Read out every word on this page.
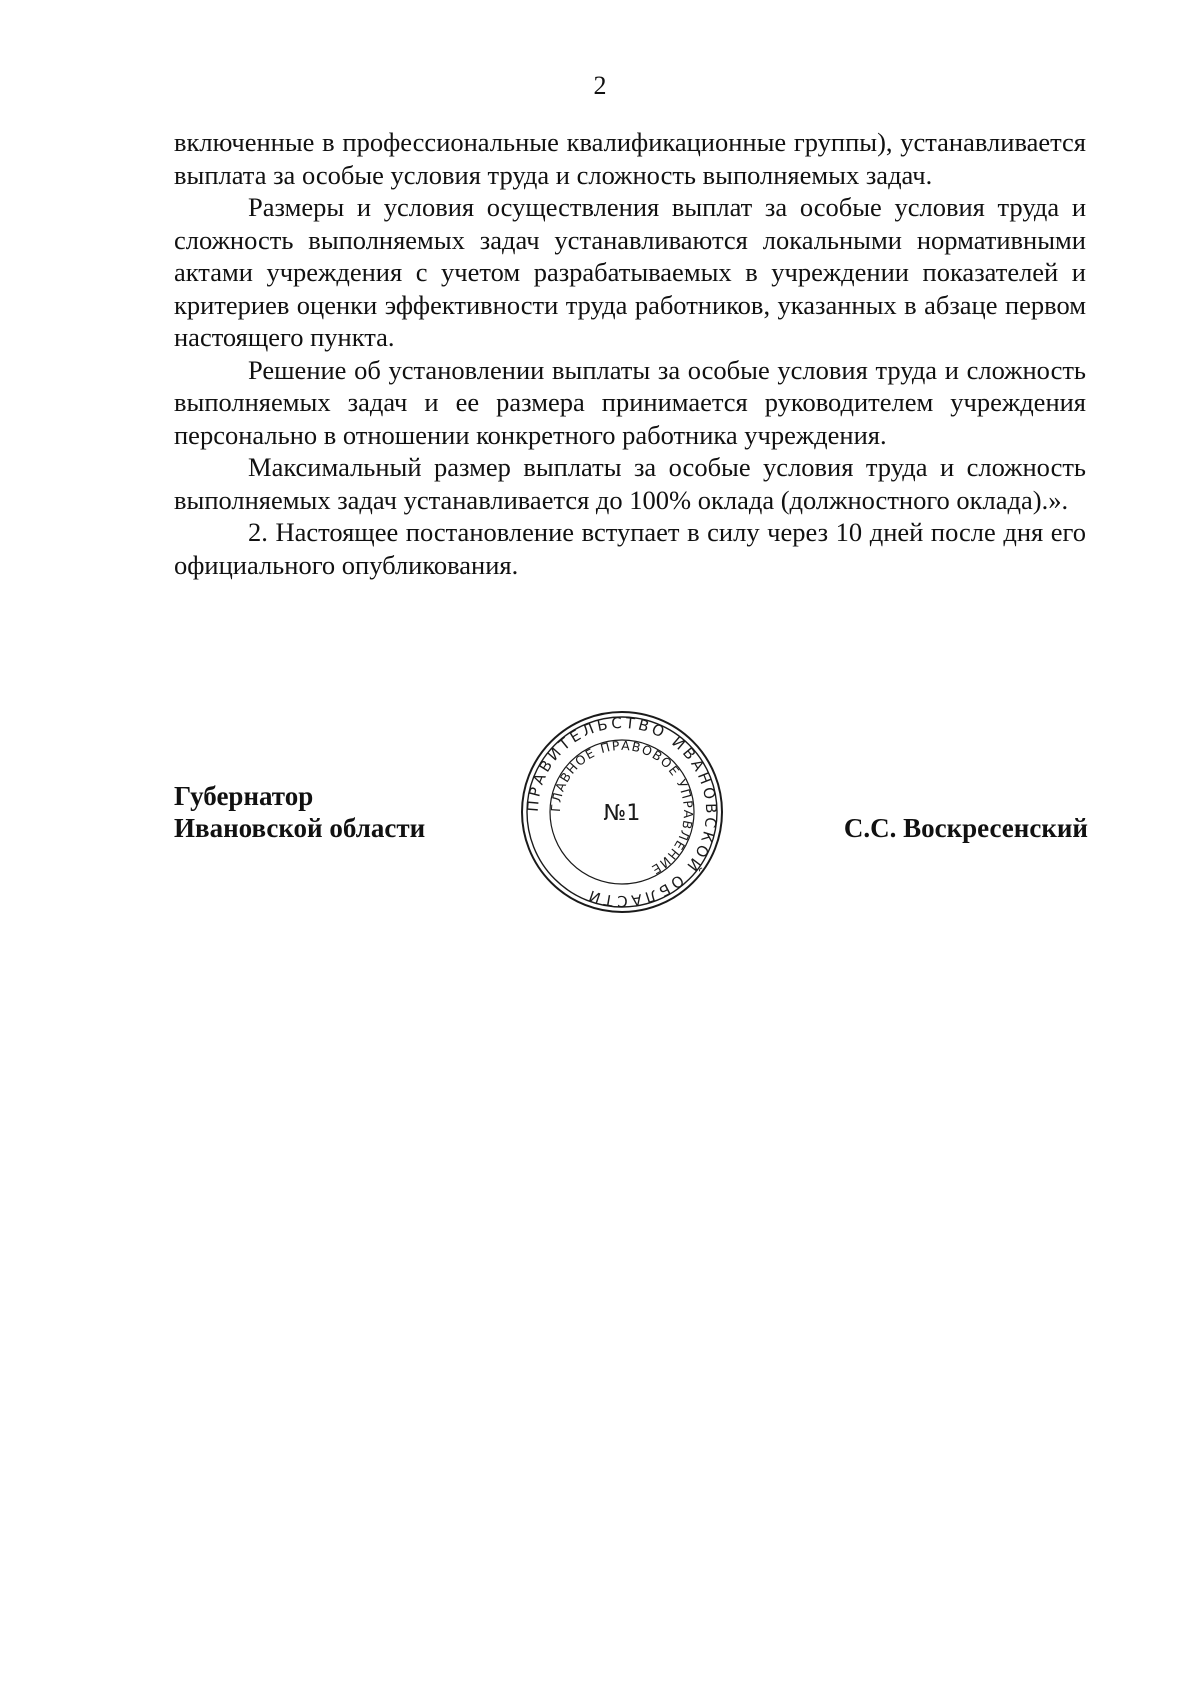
2

включенные в профессиональные квалификационные группы), устанавливается выплата за особые условия труда и сложность выполняемых задач.

Размеры и условия осуществления выплат за особые условия труда и сложность выполняемых задач устанавливаются локальными нормативными актами учреждения с учетом разрабатываемых в учреждении показателей и критериев оценки эффективности труда работников, указанных в абзаце первом настоящего пункта.

Решение об установлении выплаты за особые условия труда и сложность выполняемых задач и ее размера принимается руководителем учреждения персонально в отношении конкретного работника учреждения.

Максимальный размер выплаты за особые условия труда и сложность выполняемых задач устанавливается до 100% оклада (должностного оклада).».

2. Настоящее постановление вступает в силу через 10 дней после дня его официального опубликования.

Губернатор
Ивановской области
ПРАВИТЕЛЬСТВО ИВАНОВСКОЙ ОБЛАСТИ
ГЛАВНОЕ ПРАВОВОЕ УПРАВЛЕНИЕ
№1	С.С. Воскресенский
